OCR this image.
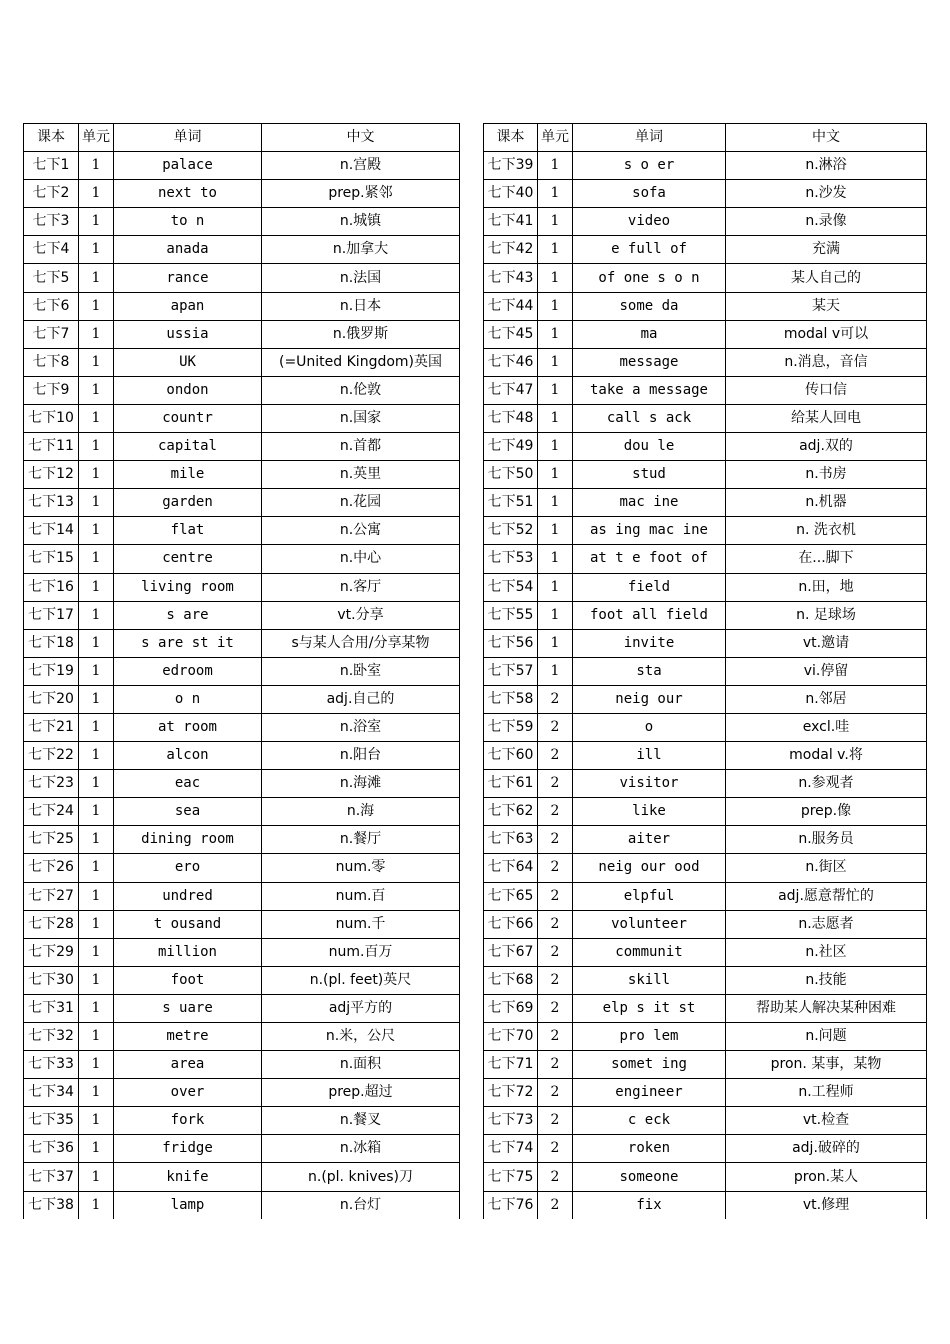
课本	单元	单词	中文
七下1	1	palace	n.宫殿
七下2	1	next to	prep.紧邻
七下3	1	to n	n.城镇
七下4	1	anada	n.加拿大
七下5	1	rance	n.法国
七下6	1	apan	n.日本
七下7	1	ussia	n.俄罗斯
七下8	1	UK	(=United Kingdom)英国
七下9	1	ondon	n.伦敦
七下10	1	countr	n.国家
七下11	1	capital	n.首都
七下12	1	mile	n.英里
七下13	1	garden	n.花园
七下14	1	flat	n.公寓
七下15	1	centre	n.中心
七下16	1	living room	n.客厅
七下17	1	s are	vt.分享
七下18	1	s are st it	s与某人合用/分享某物
七下19	1	edroom	n.卧室
七下20	1	o n	adj.自己的
七下21	1	at room	n.浴室
七下22	1	alcon	n.阳台
七下23	1	eac	n.海滩
七下24	1	sea	n.海
七下25	1	dining room	n.餐厅
七下26	1	ero	num.零
七下27	1	undred	num.百
七下28	1	t ousand	num.千
七下29	1	million	num.百万
七下30	1	foot	n.(pl. feet)英尺
七下31	1	s uare	adj平方的
七下32	1	metre	n.米，公尺
七下33	1	area	n.面积
七下34	1	over	prep.超过
七下35	1	fork	n.餐叉
七下36	1	fridge	n.冰箱
七下37	1	knife	n.(pl. knives)刀
七下38	1	lamp	n.台灯
课本	单元	单词	中文
七下39	1	s o er	n.淋浴
七下40	1	sofa	n.沙发
七下41	1	video	n.录像
七下42	1	e full of	充满
七下43	1	of one s o n	某人自己的
七下44	1	some da	某天
七下45	1	ma	modal v可以
七下46	1	message	n.消息，音信
七下47	1	take a message	传口信
七下48	1	call s ack	给某人回电
七下49	1	dou le	adj.双的
七下50	1	stud	n.书房
七下51	1	mac ine	n.机器
七下52	1	as ing mac ine	n. 洗衣机
七下53	1	at t e foot of	在...脚下
七下54	1	field	n.田，地
七下55	1	foot all field	n. 足球场
七下56	1	invite	vt.邀请
七下57	1	sta	vi.停留
七下58	2	neig our	n.邻居
七下59	2	o	excl.哇
七下60	2	ill	modal v.将
七下61	2	visitor	n.参观者
七下62	2	like	prep.像
七下63	2	aiter	n.服务员
七下64	2	neig our ood	n.街区
七下65	2	elpful	adj.愿意帮忙的
七下66	2	volunteer	n.志愿者
七下67	2	communit	n.社区
七下68	2	skill	n.技能
七下69	2	elp s it st	帮助某人解决某种困难
七下70	2	pro lem	n.问题
七下71	2	somet ing	pron. 某事，某物
七下72	2	engineer	n.工程师
七下73	2	c eck	vt.检查
七下74	2	roken	adj.破碎的
七下75	2	someone	pron.某人
七下76	2	fix	vt.修理
